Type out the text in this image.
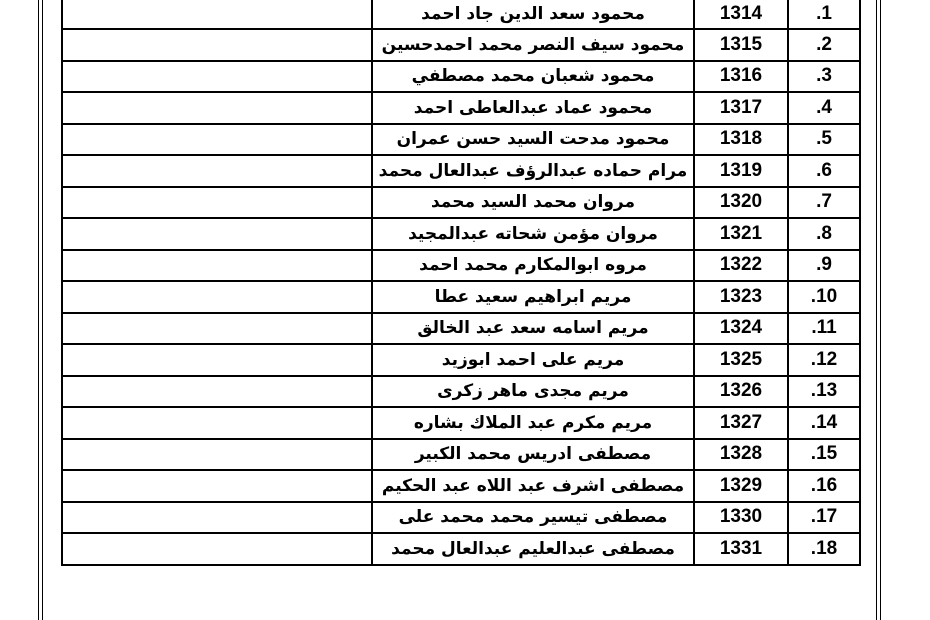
	محمود سعد الدين جاد احمد	1314	1.
	محمود سيف النصر محمد احمدحسين	1315	2.
	محمود شعبان محمد مصطفي	1316	3.
	محمود عماد عبدالعاطى احمد	1317	4.
	محمود مدحت السيد حسن عمران	1318	5.
	مرام حماده عبدالرؤف عبدالعال محمد	1319	6.
	مروان محمد السيد محمد	1320	7.
	مروان مؤمن شحاته عبدالمجيد	1321	8.
	مروه ابوالمكارم محمد احمد	1322	9.
	مريم ابراهيم سعيد عطا	1323	10.
	مريم اسامه سعد عبد الخالق	1324	11.
	مريم على احمد ابوزيد	1325	12.
	مريم مجدى ماهر زكرى	1326	13.
	مريم مكرم عبد الملاك بشاره	1327	14.
	مصطفى ادريس محمد الكبير	1328	15.
	مصطفى اشرف عبد اللاه عبد الحكيم	1329	16.
	مصطفى تيسير محمد محمد على	1330	17.
	مصطفى عبدالعليم عبدالعال محمد	1331	18.
